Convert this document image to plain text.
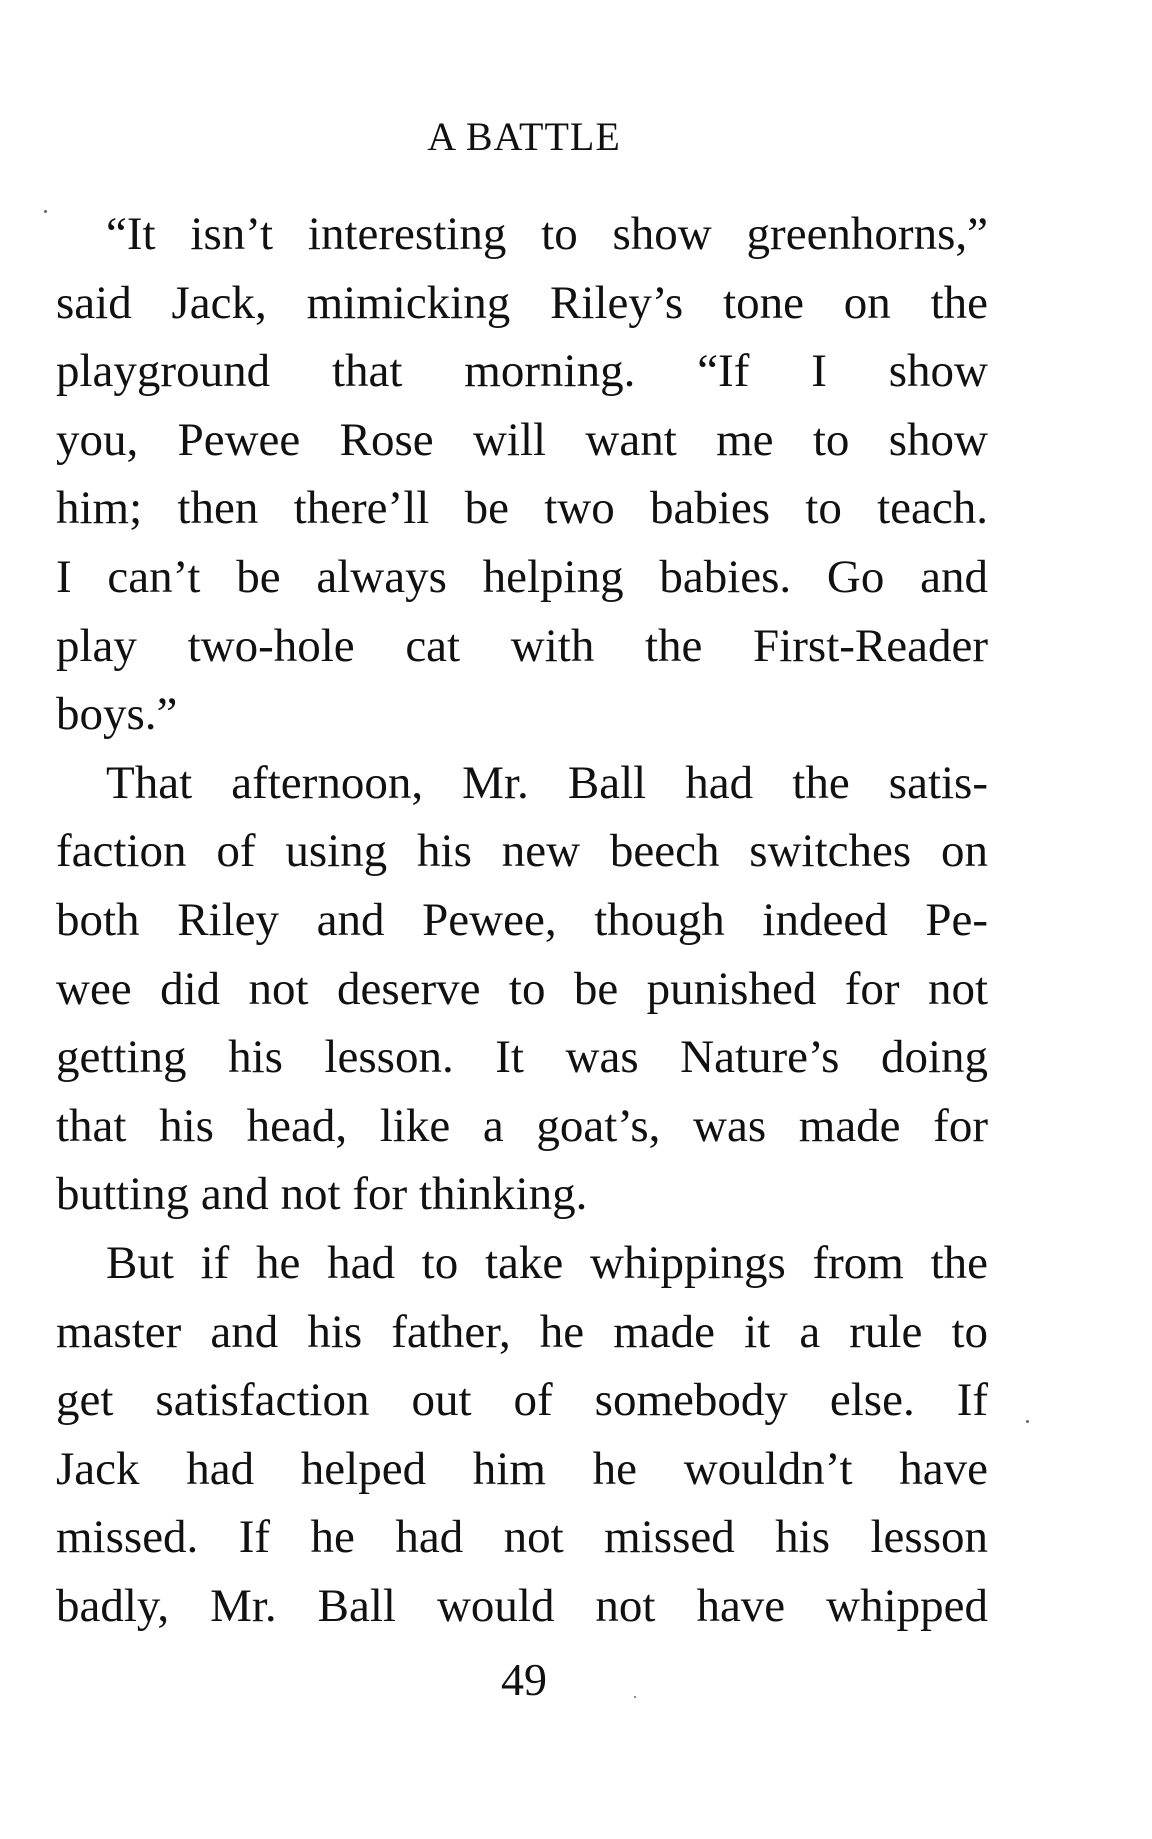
A BATTLE
“It isn’t interesting to show greenhorns,”
said Jack, mimicking Riley’s tone on the
playground that morning. “If I show
you, Pewee Rose will want me to show
him; then there’ll be two babies to teach.
I can’t be always helping babies. Go and
play two-hole cat with the First-Reader
boys.”
That afternoon, Mr. Ball had the satis-
faction of using his new beech switches on
both Riley and Pewee, though indeed Pe-
wee did not deserve to be punished for not
getting his lesson. It was Nature’s doing
that his head, like a goat’s, was made for
butting and not for thinking.
But if he had to take whippings from the
master and his father, he made it a rule to
get satisfaction out of somebody else. If
Jack had helped him he wouldn’t have
missed. If he had not missed his lesson
badly, Mr. Ball would not have whipped
49
